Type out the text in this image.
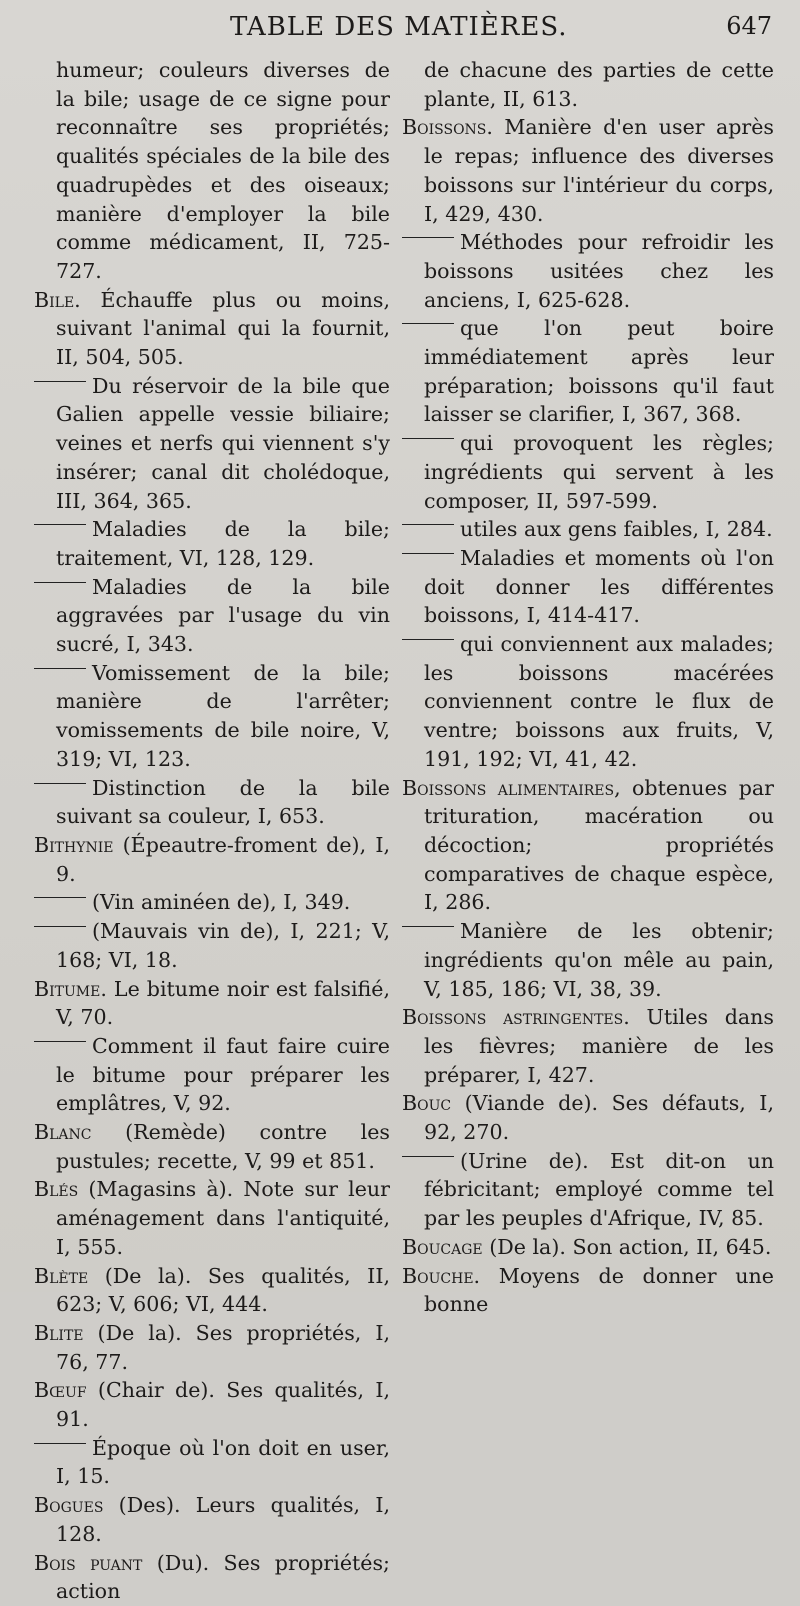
TABLE DES MATIÈRES.	647

humeur; couleurs diverses de la bile; usage de ce signe pour reconnaître ses propriétés; qualités spéciales de la bile des quadrupèdes et des oiseaux; manière d'employer la bile comme médicament, II, 725-727.

Bile. Échauffe plus ou moins, suivant l'animal qui la fournit, II, 504, 505.

Du réservoir de la bile que Galien appelle vessie biliaire; veines et nerfs qui viennent s'y insérer; canal dit cholédoque, III, 364, 365.

Maladies de la bile; traitement, VI, 128, 129.

Maladies de la bile aggravées par l'usage du vin sucré, I, 343.

Vomissement de la bile; manière de l'arrêter; vomissements de bile noire, V, 319; VI, 123.

Distinction de la bile suivant sa couleur, I, 653.

Bithynie (Épeautre-froment de), I, 9.

(Vin aminéen de), I, 349.

(Mauvais vin de), I, 221; V, 168; VI, 18.

Bitume. Le bitume noir est falsifié, V, 70.

Comment il faut faire cuire le bitume pour préparer les emplâtres, V, 92.

Blanc (Remède) contre les pustules; recette, V, 99 et 851.

Blés (Magasins à). Note sur leur aménagement dans l'antiquité, I, 555.

Blète (De la). Ses qualités, II, 623; V, 606; VI, 444.

Blite (De la). Ses propriétés, I, 76, 77.

Bœuf (Chair de). Ses qualités, I, 91.

Époque où l'on doit en user, I, 15.

Bogues (Des). Leurs qualités, I, 128.

Bois puant (Du). Ses propriétés; action

de chacune des parties de cette plante, II, 613.

Boissons. Manière d'en user après le repas; influence des diverses boissons sur l'intérieur du corps, I, 429, 430.

Méthodes pour refroidir les boissons usitées chez les anciens, I, 625-628.

que l'on peut boire immédiatement après leur préparation; boissons qu'il faut laisser se clarifier, I, 367, 368.

qui provoquent les règles; ingrédients qui servent à les composer, II, 597-599.

utiles aux gens faibles, I, 284.

Maladies et moments où l'on doit donner les différentes boissons, I, 414-417.

qui conviennent aux malades; les boissons macérées conviennent contre le flux de ventre; boissons aux fruits, V, 191, 192; VI, 41, 42.

Boissons alimentaires, obtenues par trituration, macération ou décoction; propriétés comparatives de chaque espèce, I, 286.

Manière de les obtenir; ingrédients qu'on mêle au pain, V, 185, 186; VI, 38, 39.

Boissons astringentes. Utiles dans les fièvres; manière de les préparer, I, 427.

Bouc (Viande de). Ses défauts, I, 92, 270.

(Urine de). Est dit-on un fébricitant; employé comme tel par les peuples d'Afrique, IV, 85.

Boucage (De la). Son action, II, 645.

Bouche. Moyens de donner une bonne
